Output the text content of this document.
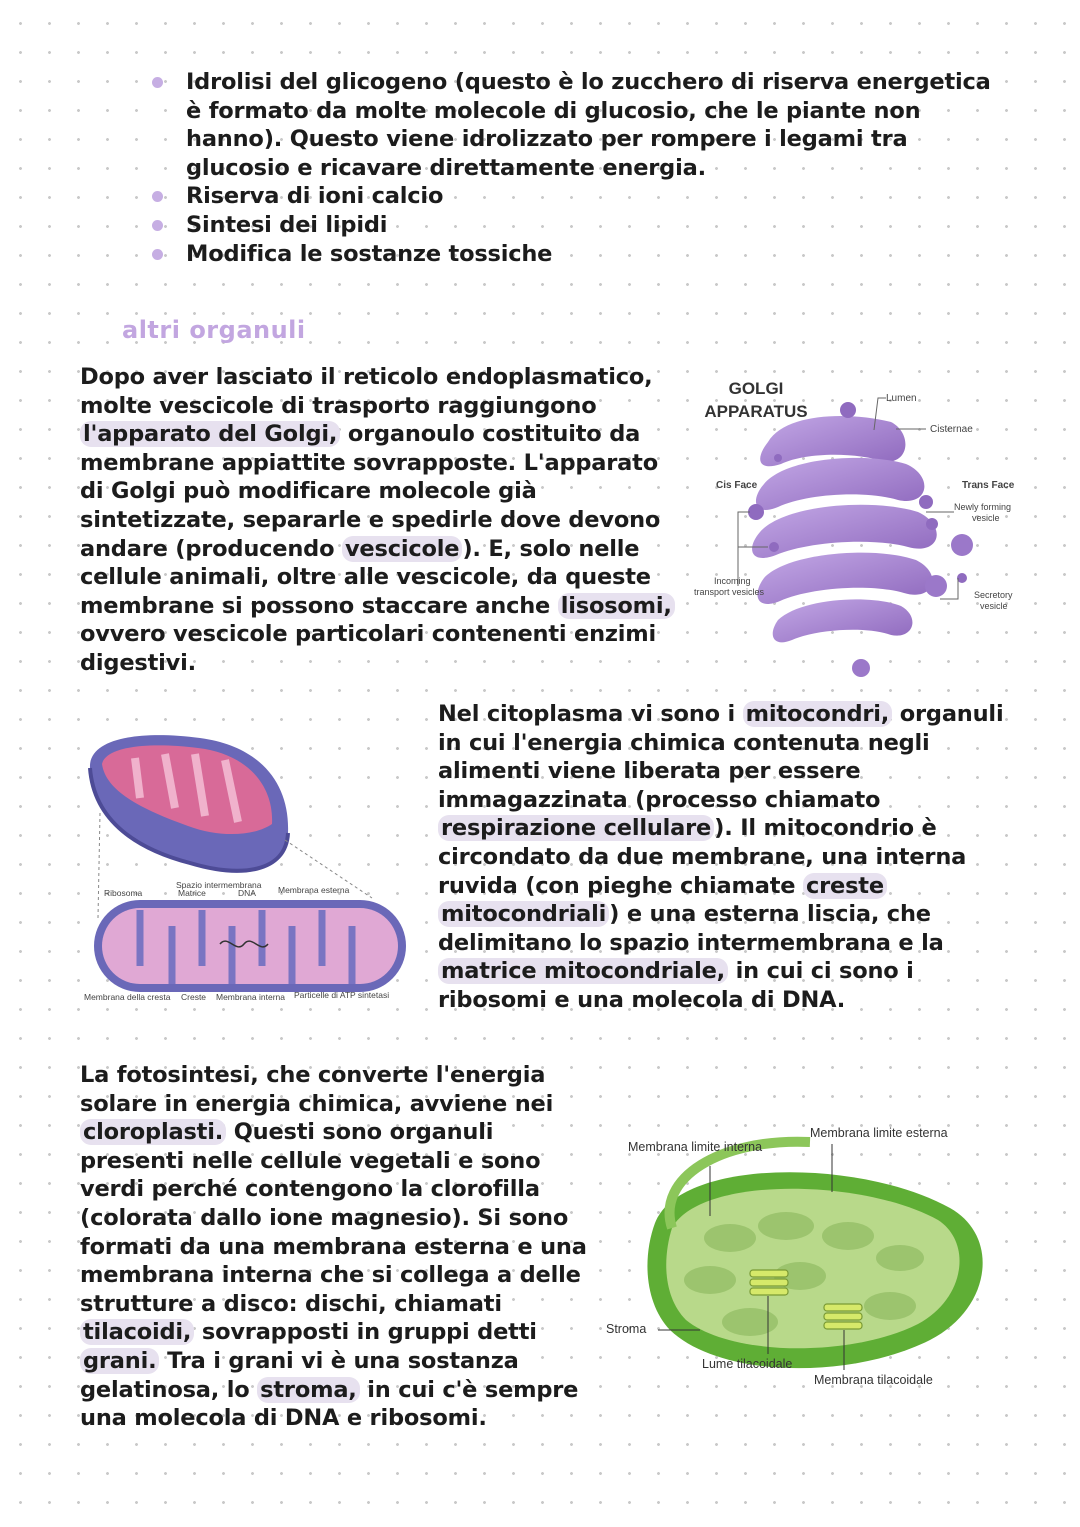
Idrolisi del glicogeno (questo è lo zucchero di riserva energetica è formato da molte molecole di glucosio, che le piante non hanno). Questo viene idrolizzato per rompere i legami tra glucosio e ricavare direttamente energia.
Riserva di ioni calcio
Sintesi dei lipidi
Modifica le sostanze tossiche
altri organuli
Dopo aver lasciato il reticolo endoplasmatico, molte vescicole di trasporto raggiungono l'apparato del Golgi, organoulo costituito da membrane appiattite sovrapposte. L'apparato di Golgi può modificare molecole già sintetizzate, separarle e spedirle dove devono andare (producendo vescicole ). E, solo nelle cellule animali, oltre alle vescicole, da queste membrane si possono staccare anche lisosomi, ovvero vescicole particolari contenenti enzimi digestivi.
GOLGI
APPARATUS
Lumen
Cisternae
Cis Face	Trans Face
Newly forming
vesicle
Incoming
transport vesicles	Secretory
vesicle
Spazio intermembrana
Ribosoma	Matrice	DNA	Membrana esterna
Membrana della cresta Creste Membrana interna Particelle di ATP sintetasi
Nel citoplasma vi sono i mitocondri, organuli in cui l'energia chimica contenuta negli alimenti viene liberata per essere immagazzinata (processo chiamato respirazione cellulare ). Il mitocondrio è circondato da due membrane, una interna ruvida (con pieghe chiamate creste mitocondriali ) e una esterna liscia, che delimitano lo spazio intermembrana e la matrice mitocondriale, in cui ci sono i ribosomi e una molecola di DNA.
La fotosintesi, che converte l'energia solare in energia chimica, avviene nei cloroplasti. Questi sono organuli presenti nelle cellule vegetali e sono verdi perché contengono la clorofilla (colorata dallo ione magnesio). Si sono formati da una membrana esterna e una membrana interna che si collega a delle strutture a disco: dischi, chiamati tilacoidi, sovrapposti in gruppi detti grani. Tra i grani vi è una sostanza gelatinosa, lo stroma, in cui c'è sempre una molecola di DNA e ribosomi.
Membrana limite interna
Membrana limite esterna
Stroma
Lume tilacoidale
Membrana tilacoidale
